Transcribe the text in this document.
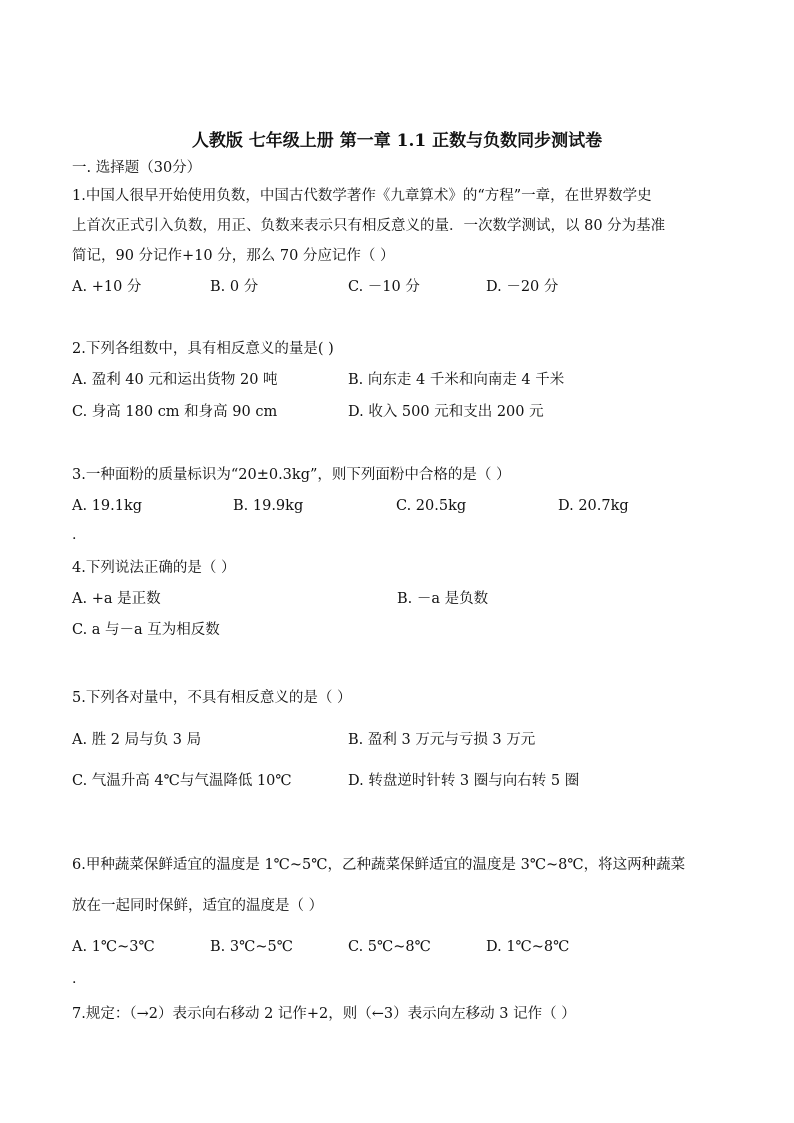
人教版 七年级上册 第一章 1.1 正数与负数同步测试卷
一. 选择题（30分）
1.中国人很早开始使用负数，中国古代数学著作《九章算术》的“方程”一章，在世界数学史
上首次正式引入负数，用正、负数来表示只有相反意义的量．一次数学测试，以 80 分为基准
简记，90 分记作+10 分，那么 70 分应记作（ ）
A. +10 分	B. 0 分	C. －10 分	D. －20 分
2.下列各组数中，具有相反意义的量是( )
A. 盈利 40 元和运出货物 20 吨	B. 向东走 4 千米和向南走 4 千米
C. 身高 180 cm 和身高 90 cm	D. 收入 500 元和支出 200 元
3.一种面粉的质量标识为“20±0.3kg”，则下列面粉中合格的是（ ）
A. 19.1kg	B. 19.9kg	C. 20.5kg	D. 20.7kg
.
4.下列说法正确的是（ ）
A. +a 是正数	B. －a 是负数
C. a 与－a 互为相反数
5.下列各对量中，不具有相反意义的是（ ）
A. 胜 2 局与负 3 局	B. 盈利 3 万元与亏损 3 万元
C. 气温升高 4℃与气温降低 10℃	D. 转盘逆时针转 3 圈与向右转 5 圈
6.甲种蔬菜保鲜适宜的温度是 1℃~5℃，乙种蔬菜保鲜适宜的温度是 3℃~8℃，将这两种蔬菜
放在一起同时保鲜，适宜的温度是（ ）
A. 1℃~3℃	B. 3℃~5℃	C. 5℃~8℃	D. 1℃~8℃
.
7.规定：（→2）表示向右移动 2 记作+2，则（←3）表示向左移动 3 记作（ ）
